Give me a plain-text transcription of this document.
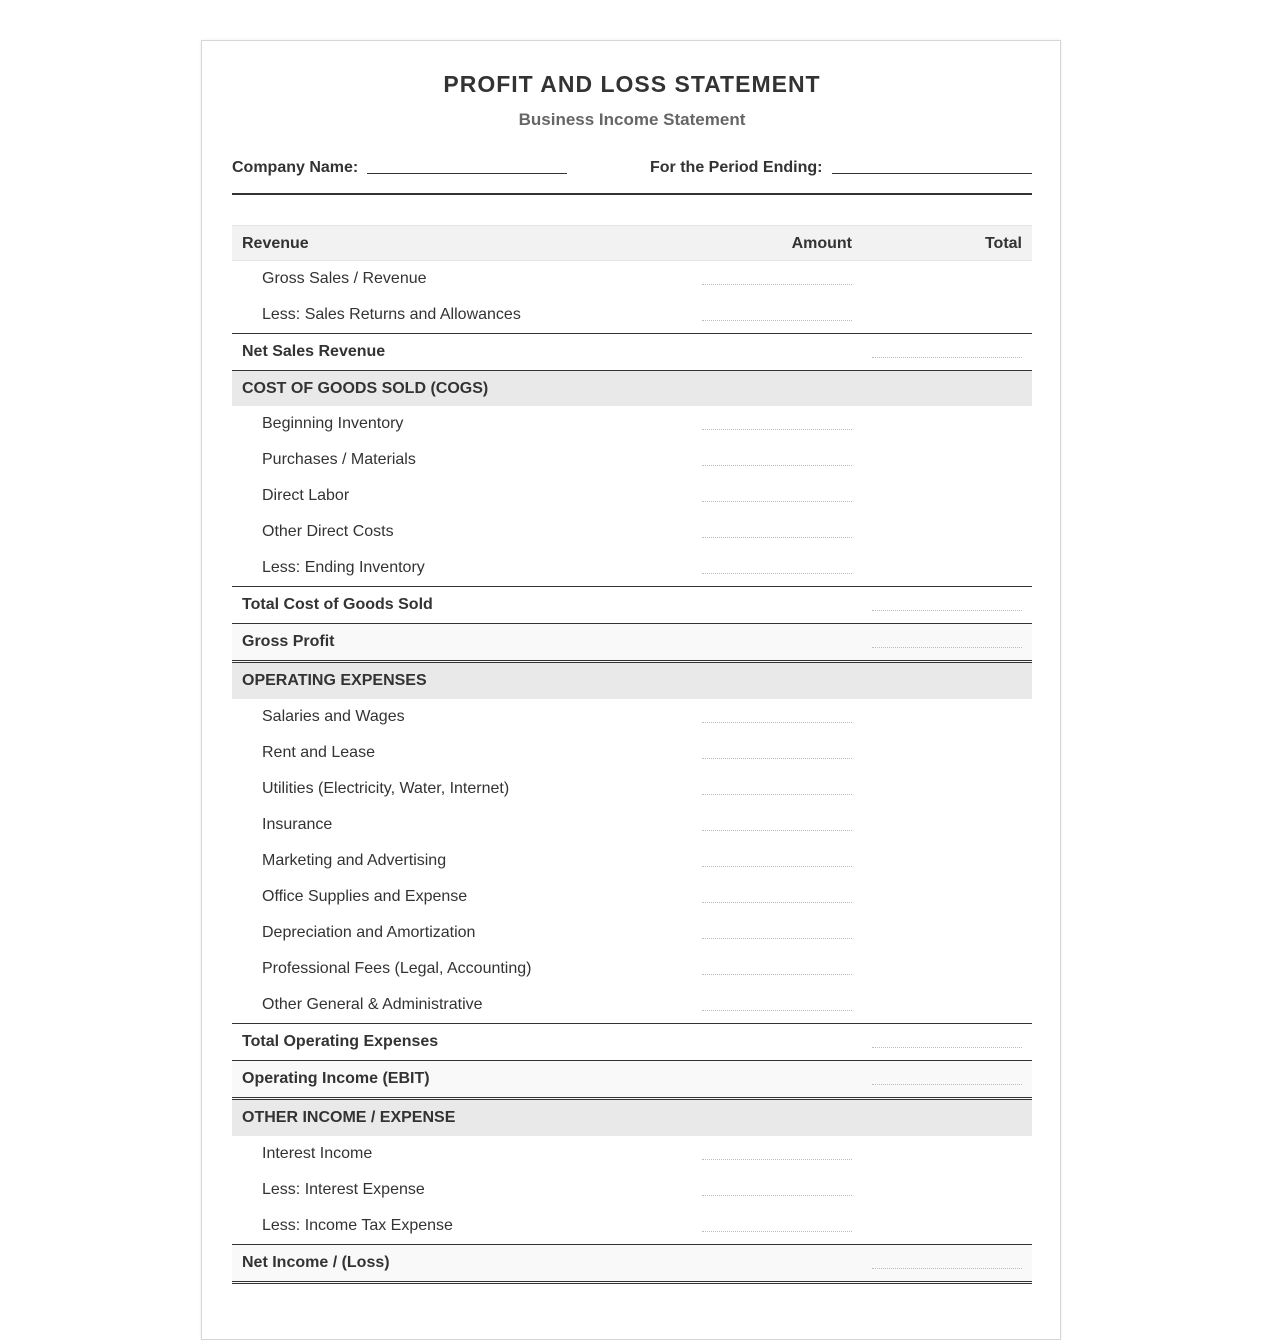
PROFIT AND LOSS STATEMENT
Business Income Statement
Company Name:	For the Period Ending:
Revenue	Amount	Total
Gross Sales / Revenue
Less: Sales Returns and Allowances
Net Sales Revenue
COST OF GOODS SOLD (COGS)
Beginning Inventory
Purchases / Materials
Direct Labor
Other Direct Costs
Less: Ending Inventory
Total Cost of Goods Sold
Gross Profit
OPERATING EXPENSES
Salaries and Wages
Rent and Lease
Utilities (Electricity, Water, Internet)
Insurance
Marketing and Advertising
Office Supplies and Expense
Depreciation and Amortization
Professional Fees (Legal, Accounting)
Other General & Administrative
Total Operating Expenses
Operating Income (EBIT)
OTHER INCOME / EXPENSE
Interest Income
Less: Interest Expense
Less: Income Tax Expense
Net Income / (Loss)
